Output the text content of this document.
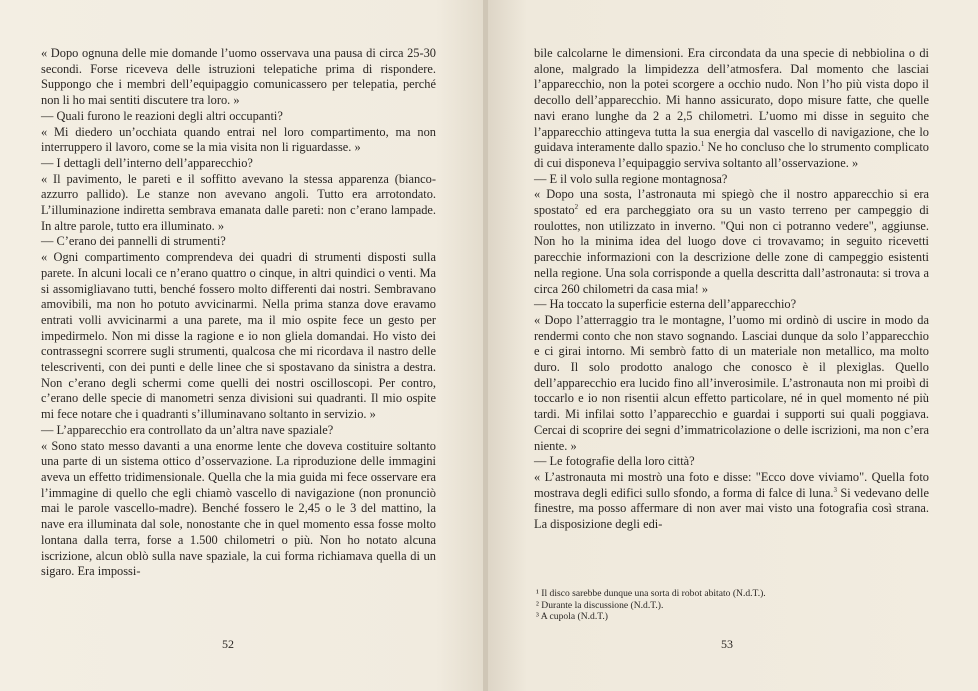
« Dopo ognuna delle mie domande l’uomo osservava una pausa di circa 25-30 secondi. Forse riceveva delle istruzioni telepatiche prima di rispondere. Suppongo che i membri dell’equipaggio comunicassero per telepatia, perché non li ho mai sentiti discutere tra loro. »

— Quali furono le reazioni degli altri occupanti?

« Mi diedero un’occhiata quando entrai nel loro compartimento, ma non interruppero il lavoro, come se la mia visita non li riguardasse. »

— I dettagli dell’interno dell’apparecchio?

« Il pavimento, le pareti e il soffitto avevano la stessa apparenza (bianco-azzurro pallido). Le stanze non avevano angoli. Tutto era arrotondato. L’illuminazione indiretta sembrava emanata dalle pareti: non c’erano lampade. In altre parole, tutto era illuminato. »

— C’erano dei pannelli di strumenti?

« Ogni compartimento comprendeva dei quadri di strumenti disposti sulla parete. In alcuni locali ce n’erano quattro o cinque, in altri quindici o venti. Ma si assomigliavano tutti, benché fossero molto differenti dai nostri. Sembravano amovibili, ma non ho potuto avvicinarmi. Nella prima stanza dove eravamo entrati volli avvicinarmi a una parete, ma il mio ospite fece un gesto per impedirmelo. Non mi disse la ragione e io non gliela domandai. Ho visto dei contrassegni scorrere sugli strumenti, qualcosa che mi ricordava il nastro delle telescriventi, con dei punti e delle linee che si spostavano da sinistra a destra. Non c’erano degli schermi come quelli dei nostri oscilloscopi. Per contro, c’erano delle specie di manometri senza divisioni sui quadranti. Il mio ospite mi fece notare che i quadranti s’illuminavano soltanto in servizio. »

— L’apparecchio era controllato da un’altra nave spaziale?

« Sono stato messo davanti a una enorme lente che doveva costituire soltanto una parte di un sistema ottico d’osservazione. La riproduzione delle immagini aveva un effetto tridimensionale. Quella che la mia guida mi fece osservare era l’immagine di quello che egli chiamò vascello di navigazione (non pronunciò mai le parole vascello-madre). Benché fossero le 2,45 o le 3 del mattino, la nave era illuminata dal sole, nonostante che in quel momento essa fosse molto lontana dalla terra, forse a 1.500 chilometri o più. Non ho notato alcuna iscrizione, alcun oblò sulla nave spaziale, la cui forma richiamava quella di un sigaro. Era impossi-

52

bile calcolarne le dimensioni. Era circondata da una specie di nebbiolina o di alone, malgrado la limpidezza dell’atmosfera. Dal momento che lasciai l’apparecchio, non la potei scorgere a occhio nudo. Non l’ho più vista dopo il decollo dell’apparecchio. Mi hanno assicurato, dopo misure fatte, che quelle navi erano lunghe da 2 a 2,5 chilometri. L’uomo mi disse in seguito che l’apparecchio attingeva tutta la sua energia dal vascello di navigazione, che lo guidava interamente dallo spazio.$^1$ Ne ho concluso che lo strumento complicato di cui disponeva l’equipaggio serviva soltanto all’osservazione. »

— E il volo sulla regione montagnosa?

« Dopo una sosta, l’astronauta mi spiegò che il nostro apparecchio si era spostato$^2$ ed era parcheggiato ora su un vasto terreno per campeggio di roulottes, non utilizzato in inverno. "Qui non ci potranno vedere", aggiunse. Non ho la minima idea del luogo dove ci trovavamo; in seguito ricevetti parecchie informazioni con la descrizione delle zone di campeggio esistenti nella regione. Una sola corrisponde a quella descritta dall’astronauta: si trova a circa 260 chilometri da casa mia! »

— Ha toccato la superficie esterna dell’apparecchio?

« Dopo l’atterraggio tra le montagne, l’uomo mi ordinò di uscire in modo da rendermi conto che non stavo sognando. Lasciai dunque da solo l’apparecchio e ci girai intorno. Mi sembrò fatto di un materiale non metallico, ma molto duro. Il solo prodotto analogo che conosco è il plexiglas. Quello dell’apparecchio era lucido fino all’inverosimile. L’astronauta non mi proibì di toccarlo e io non risentii alcun effetto particolare, né in quel momento né più tardi. Mi infilai sotto l’apparecchio e guardai i supporti sui quali poggiava. Cercai di scoprire dei segni d’immatricolazione o delle iscrizioni, ma non c’era niente. »

— Le fotografie della loro città?

« L’astronauta mi mostrò una foto e disse: "Ecco dove viviamo". Quella foto mostrava degli edifici sullo sfondo, a forma di falce di luna.$^3$ Si vedevano delle finestre, ma posso affermare di non aver mai visto una fotografia così strana. La disposizione degli edi-

¹ Il disco sarebbe dunque una sorta di robot abitato (N.d.T.).

² Durante la discussione (N.d.T.).

³ A cupola (N.d.T.)

53
